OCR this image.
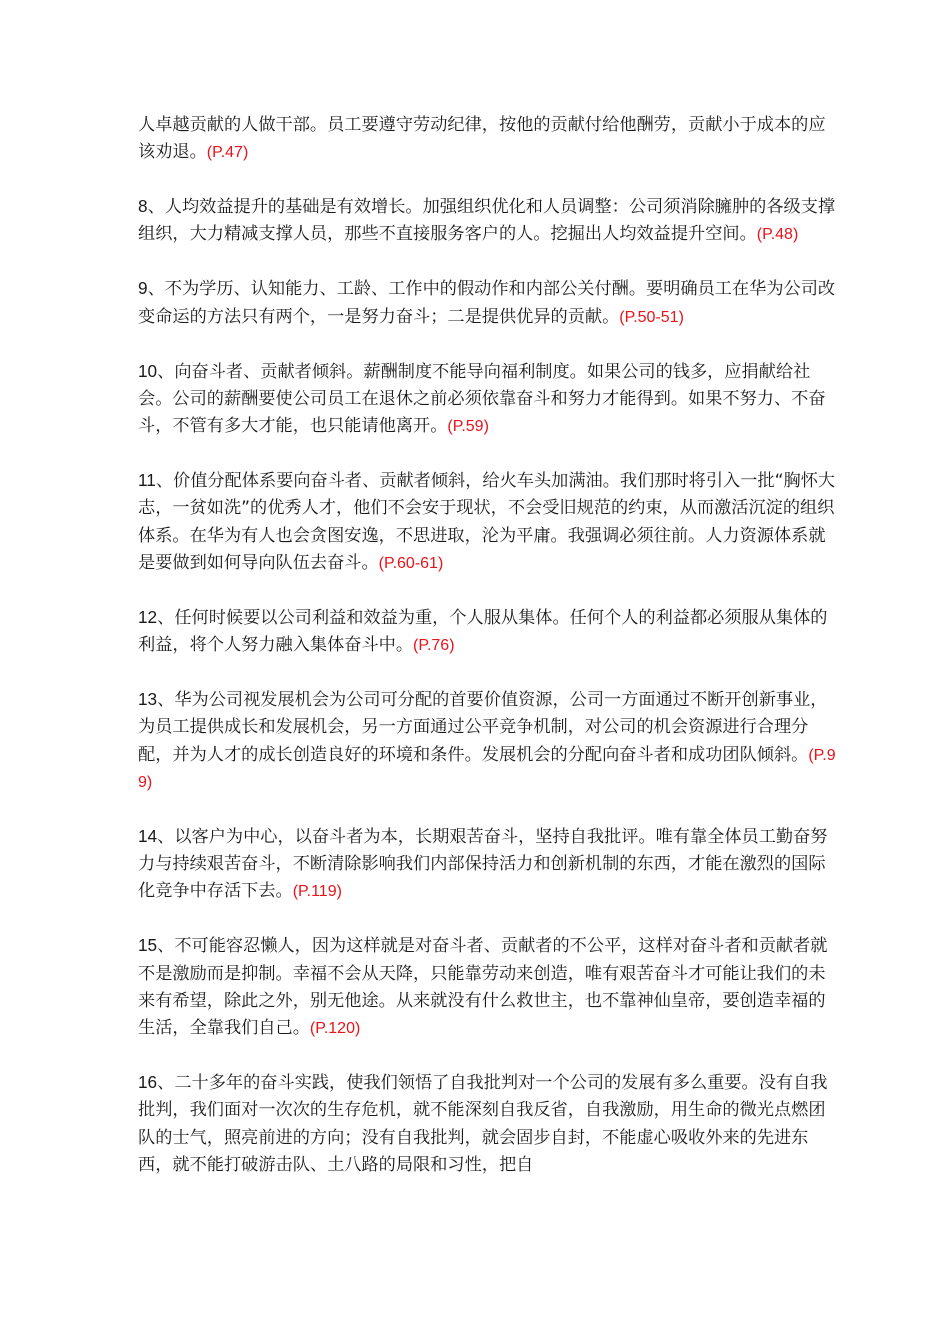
人卓越贡献的人做干部。员工要遵守劳动纪律，按他的贡献付给他酬劳，贡献小于成本的应该劝退。(P.47)

8、人均效益提升的基础是有效增长。加强组织优化和人员调整：公司须消除臃肿的各级支撑组织，大力精减支撑人员，那些不直接服务客户的人。挖掘出人均效益提升空间。(P.48)

9、不为学历、认知能力、工龄、工作中的假动作和内部公关付酬。要明确员工在华为公司改变命运的方法只有两个，一是努力奋斗；二是提供优异的贡献。(P.50-51)

10、向奋斗者、贡献者倾斜。薪酬制度不能导向福利制度。如果公司的钱多，应捐献给社会。公司的薪酬要使公司员工在退休之前必须依靠奋斗和努力才能得到。如果不努力、不奋斗，不管有多大才能，也只能请他离开。(P.59)

11、价值分配体系要向奋斗者、贡献者倾斜，给火车头加满油。我们那时将引入一批“胸怀大志，一贫如洗”的优秀人才，他们不会安于现状，不会受旧规范的约束，从而激活沉淀的组织体系。在华为有人也会贪图安逸，不思进取，沦为平庸。我强调必须往前。人力资源体系就是要做到如何导向队伍去奋斗。(P.60-61)

12、任何时候要以公司利益和效益为重，个人服从集体。任何个人的利益都必须服从集体的利益，将个人努力融入集体奋斗中。(P.76)

13、华为公司视发展机会为公司可分配的首要价值资源，公司一方面通过不断开创新事业，为员工提供成长和发展机会，另一方面通过公平竞争机制，对公司的机会资源进行合理分配，并为人才的成长创造良好的环境和条件。发展机会的分配向奋斗者和成功团队倾斜。(P.99)

14、以客户为中心，以奋斗者为本，长期艰苦奋斗，坚持自我批评。唯有靠全体员工勤奋努力与持续艰苦奋斗，不断清除影响我们内部保持活力和创新机制的东西，才能在激烈的国际化竞争中存活下去。(P.119)

15、不可能容忍懒人，因为这样就是对奋斗者、贡献者的不公平，这样对奋斗者和贡献者就不是激励而是抑制。幸福不会从天降，只能靠劳动来创造，唯有艰苦奋斗才可能让我们的未来有希望，除此之外，别无他途。从来就没有什么救世主，也不靠神仙皇帝，要创造幸福的生活，全靠我们自己。(P.120)

16、二十多年的奋斗实践，使我们领悟了自我批判对一个公司的发展有多么重要。没有自我批判，我们面对一次次的生存危机，就不能深刻自我反省，自我激励，用生命的微光点燃团队的士气，照亮前进的方向；没有自我批判，就会固步自封，不能虚心吸收外来的先进东西，就不能打破游击队、土八路的局限和习性，把自
